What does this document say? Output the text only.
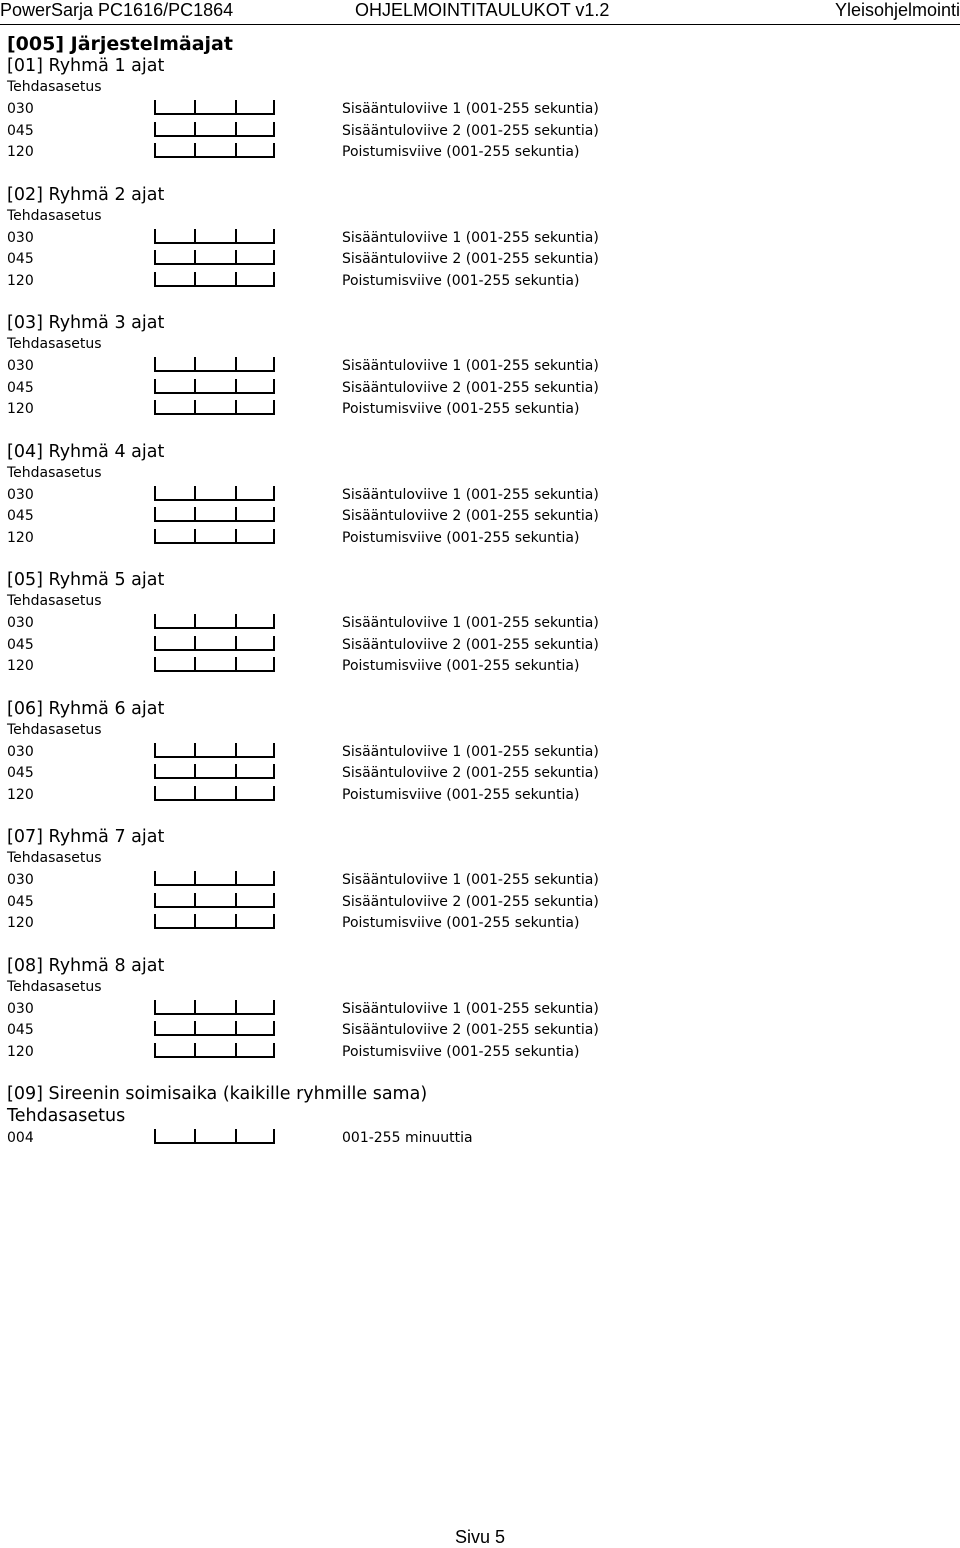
PowerSarja PC1616/PC1864	OHJELMOINTITAULUKOT v1.2	Yleisohjelmointi
[005] Järjestelmäajat
[01] Ryhmä 1 ajat
Tehdasasetus
030	Sisääntuloviive 1 (001-255 sekuntia)
045	Sisääntuloviive 2 (001-255 sekuntia)
120	Poistumisviive (001-255 sekuntia)
[02] Ryhmä 2 ajat
Tehdasasetus
030	Sisääntuloviive 1 (001-255 sekuntia)
045	Sisääntuloviive 2 (001-255 sekuntia)
120	Poistumisviive (001-255 sekuntia)
[03] Ryhmä 3 ajat
Tehdasasetus
030	Sisääntuloviive 1 (001-255 sekuntia)
045	Sisääntuloviive 2 (001-255 sekuntia)
120	Poistumisviive (001-255 sekuntia)
[04] Ryhmä 4 ajat
Tehdasasetus
030	Sisääntuloviive 1 (001-255 sekuntia)
045	Sisääntuloviive 2 (001-255 sekuntia)
120	Poistumisviive (001-255 sekuntia)
[05] Ryhmä 5 ajat
Tehdasasetus
030	Sisääntuloviive 1 (001-255 sekuntia)
045	Sisääntuloviive 2 (001-255 sekuntia)
120	Poistumisviive (001-255 sekuntia)
[06] Ryhmä 6 ajat
Tehdasasetus
030	Sisääntuloviive 1 (001-255 sekuntia)
045	Sisääntuloviive 2 (001-255 sekuntia)
120	Poistumisviive (001-255 sekuntia)
[07] Ryhmä 7 ajat
Tehdasasetus
030	Sisääntuloviive 1 (001-255 sekuntia)
045	Sisääntuloviive 2 (001-255 sekuntia)
120	Poistumisviive (001-255 sekuntia)
[08] Ryhmä 8 ajat
Tehdasasetus
030	Sisääntuloviive 1 (001-255 sekuntia)
045	Sisääntuloviive 2 (001-255 sekuntia)
120	Poistumisviive (001-255 sekuntia)
[09] Sireenin soimisaika (kaikille ryhmille sama)
Tehdasasetus
004	001-255 minuuttia
Sivu 5
